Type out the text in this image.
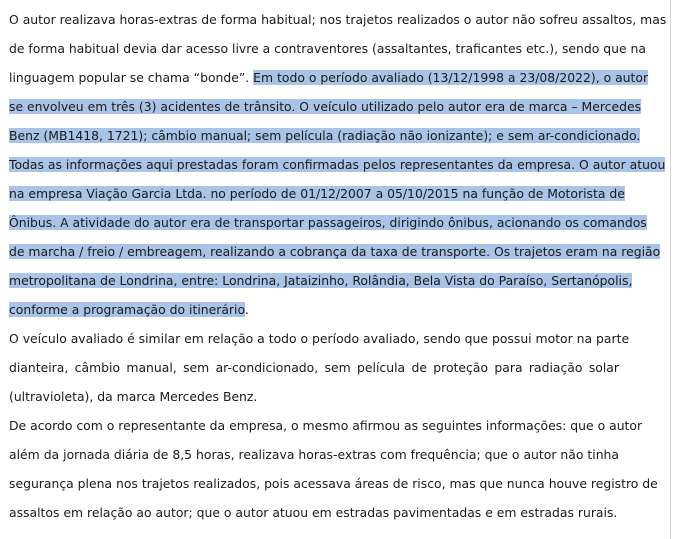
O autor realizava horas-extras de forma habitual; nos trajetos realizados o autor não sofreu assaltos, mas
de forma habitual devia dar acesso livre a contraventores (assaltantes, traficantes etc.), sendo que na
linguagem popular se chama “bonde”. Em todo o período avaliado (13/12/1998 a 23/08/2022), o autor
se envolveu em três (3) acidentes de trânsito. O veículo utilizado pelo autor era de marca – Mercedes
Benz (MB1418, 1721); câmbio manual; sem película (radiação não ionizante); e sem ar-condicionado.
Todas as informações aqui prestadas foram confirmadas pelos representantes da empresa. O autor atuou
na empresa Viação Garcia Ltda. no período de 01/12/2007 a 05/10/2015 na função de Motorista de
Ônibus. A atividade do autor era de transportar passageiros, dirigindo ônibus, acionando os comandos
de marcha / freio / embreagem, realizando a cobrança da taxa de transporte. Os trajetos eram na região
metropolitana de Londrina, entre: Londrina, Jataizinho, Rolândia, Bela Vista do Paraíso, Sertanópolis,
conforme a programação do itinerário.
O veículo avaliado é similar em relação a todo o período avaliado, sendo que possui motor na parte
dianteira, câmbio manual, sem ar-condicionado, sem película de proteção para radiação solar
(ultravioleta), da marca Mercedes Benz.
De acordo com o representante da empresa, o mesmo afirmou as seguintes informações: que o autor
além da jornada diária de 8,5 horas, realizava horas-extras com frequência; que o autor não tinha
segurança plena nos trajetos realizados, pois acessava áreas de risco, mas que nunca houve registro de
assaltos em relação ao autor; que o autor atuou em estradas pavimentadas e em estradas rurais.
